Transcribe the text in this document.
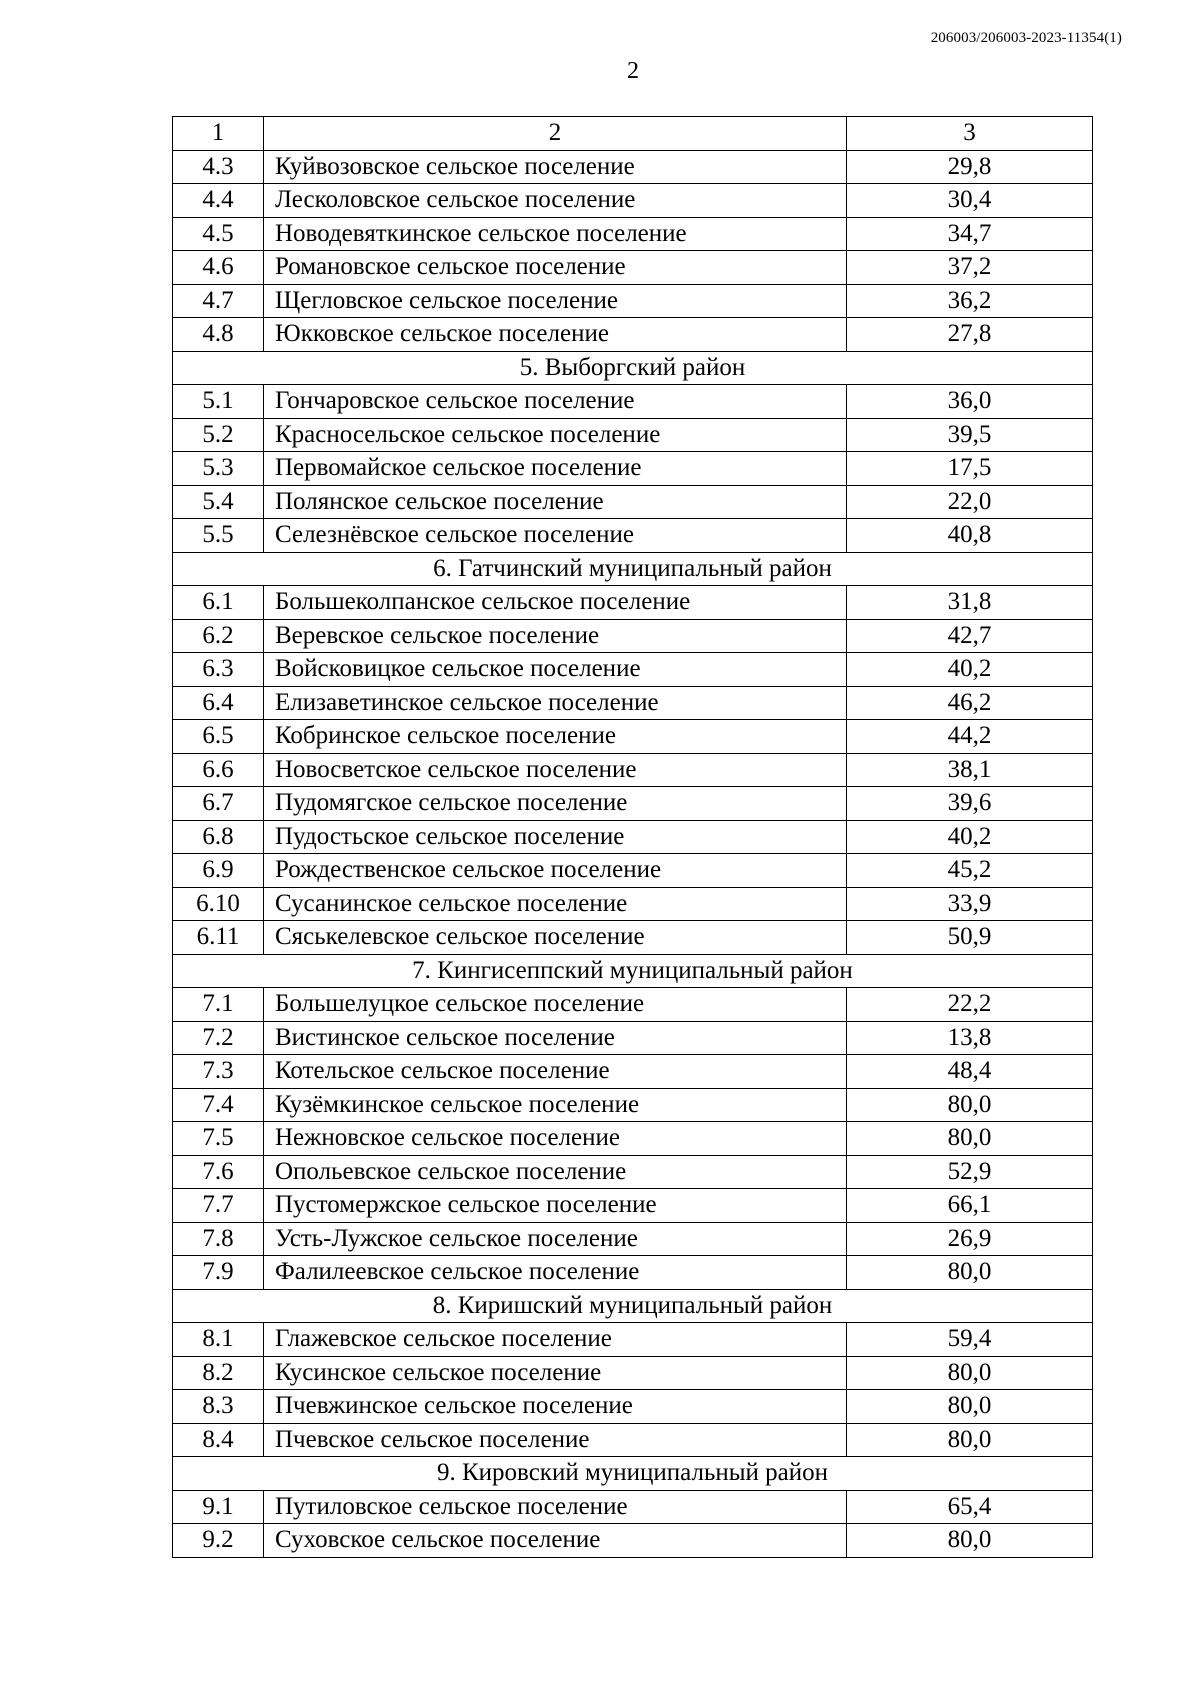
206003/206003-2023-11354(1)
2
1	2	3
4.3	Куйвозовское сельское поселение	29,8
4.4	Лесколовское сельское поселение	30,4
4.5	Новодевяткинское сельское поселение	34,7
4.6	Романовское сельское поселение	37,2
4.7	Щегловское сельское поселение	36,2
4.8	Юкковское сельское поселение	27,8
5. Выборгский район		
5.1	Гончаровское сельское поселение	36,0
5.2	Красносельское сельское поселение	39,5
5.3	Первомайское сельское поселение	17,5
5.4	Полянское сельское поселение	22,0
5.5	Селезнёвское сельское поселение	40,8
6. Гатчинский муниципальный район		
6.1	Большеколпанское сельское поселение	31,8
6.2	Веревское сельское поселение	42,7
6.3	Войсковицкое сельское поселение	40,2
6.4	Елизаветинское сельское поселение	46,2
6.5	Кобринское сельское поселение	44,2
6.6	Новосветское сельское поселение	38,1
6.7	Пудомягское сельское поселение	39,6
6.8	Пудостьское сельское поселение	40,2
6.9	Рождественское сельское поселение	45,2
6.10	Сусанинское сельское поселение	33,9
6.11	Сяськелевское сельское поселение	50,9
7. Кингисеппский муниципальный район		
7.1	Большелуцкое сельское поселение	22,2
7.2	Вистинское сельское поселение	13,8
7.3	Котельское сельское поселение	48,4
7.4	Кузёмкинское сельское поселение	80,0
7.5	Нежновское сельское поселение	80,0
7.6	Опольевское сельское поселение	52,9
7.7	Пустомержское сельское поселение	66,1
7.8	Усть-Лужское сельское поселение	26,9
7.9	Фалилеевское сельское поселение	80,0
8. Киришский муниципальный район		
8.1	Глажевское сельское поселение	59,4
8.2	Кусинское сельское поселение	80,0
8.3	Пчевжинское сельское поселение	80,0
8.4	Пчевское сельское поселение	80,0
9. Кировский муниципальный район		
9.1	Путиловское сельское поселение	65,4
9.2	Суховское сельское поселение	80,0
